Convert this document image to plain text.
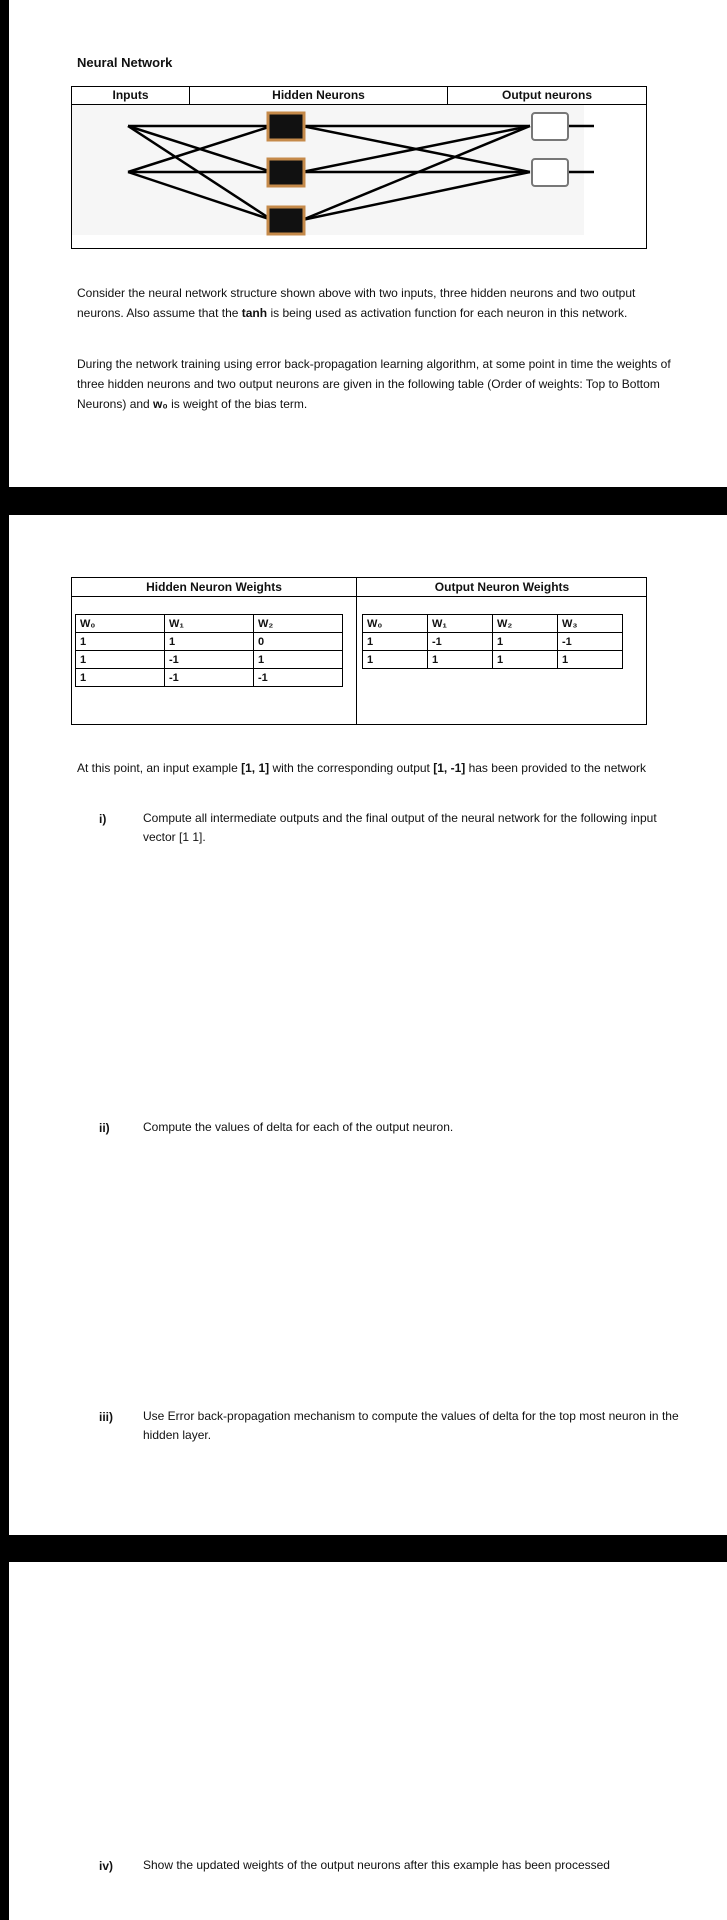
Neural Network
Inputs	Hidden Neurons	Output neurons
Consider the neural network structure shown above with two inputs, three hidden neurons and two output neurons. Also assume that the tanh is being used as activation function for each neuron in this network.
During the network training using error back-propagation learning algorithm, at some point in time the weights of three hidden neurons and two output neurons are given in the following table (Order of weights: Top to Bottom Neurons) and w₀ is weight of the bias term.
Hidden Neuron Weights	Output Neuron Weights
W₀	W₁	W₂
1	1	0
1	-1	1
1	-1	-1
W₀	W₁	W₂	W₃
1	-1	1	-1
1	1	1	1
At this point, an input example [1, 1] with the corresponding output [1, -1] has been provided to the network
i)	Compute all intermediate outputs and the final output of the neural network for the following input vector [1 1].
ii)	Compute the values of delta for each of the output neuron.
iii)	Use Error back-propagation mechanism to compute the values of delta for the top most neuron in the hidden layer.
iv) Show the updated weights of the output neurons after this example has been processed
